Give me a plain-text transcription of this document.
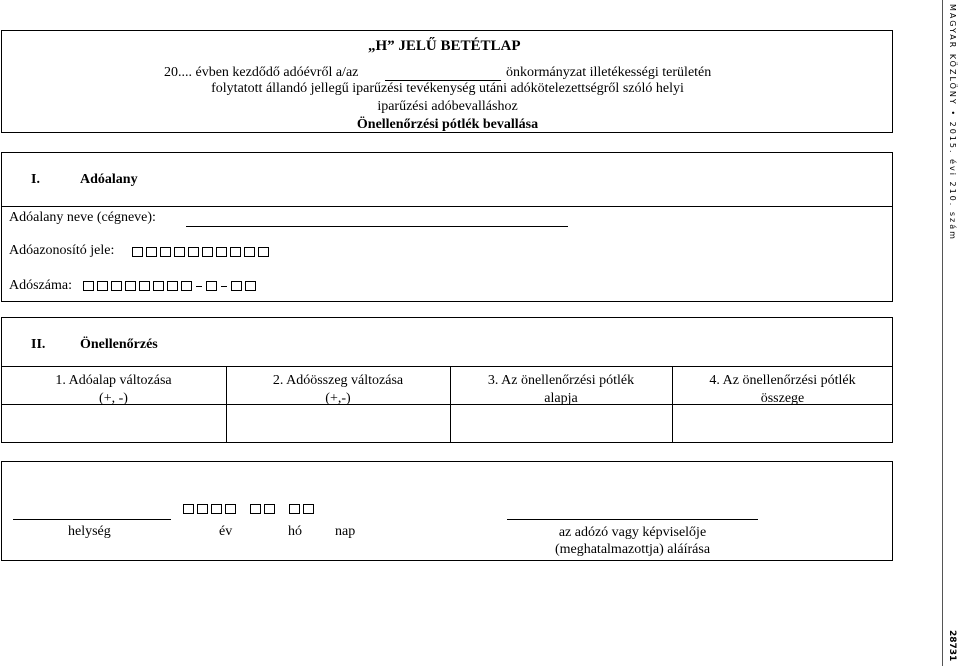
„H” JELŰ BETÉTLAP
20.... évben kezdődő adóévről a/az	önkormányzat illetékességi területén
folytatott állandó jellegű iparűzési tevékenység utáni adókötelezettségről szóló helyi
iparűzési adóbevalláshoz
Önellenőrzési pótlék bevallása
I.	Adóalany
Adóalany neve (cégneve):
Adóazonosító jele:
Adószáma:
II. Önellenőrzés
1. Adóalap változása
(+, -)
2. Adóösszeg változása
(+,-)
3. Az önellenőrzési pótlék
alapja
4. Az önellenőrzési pótlék
összege
helység	év	hó nap	az adózó vagy képviselője
(meghatalmazottja) aláírása
MAGYAR KÖZLÖNY • 2015. évi 210. szám
28731
